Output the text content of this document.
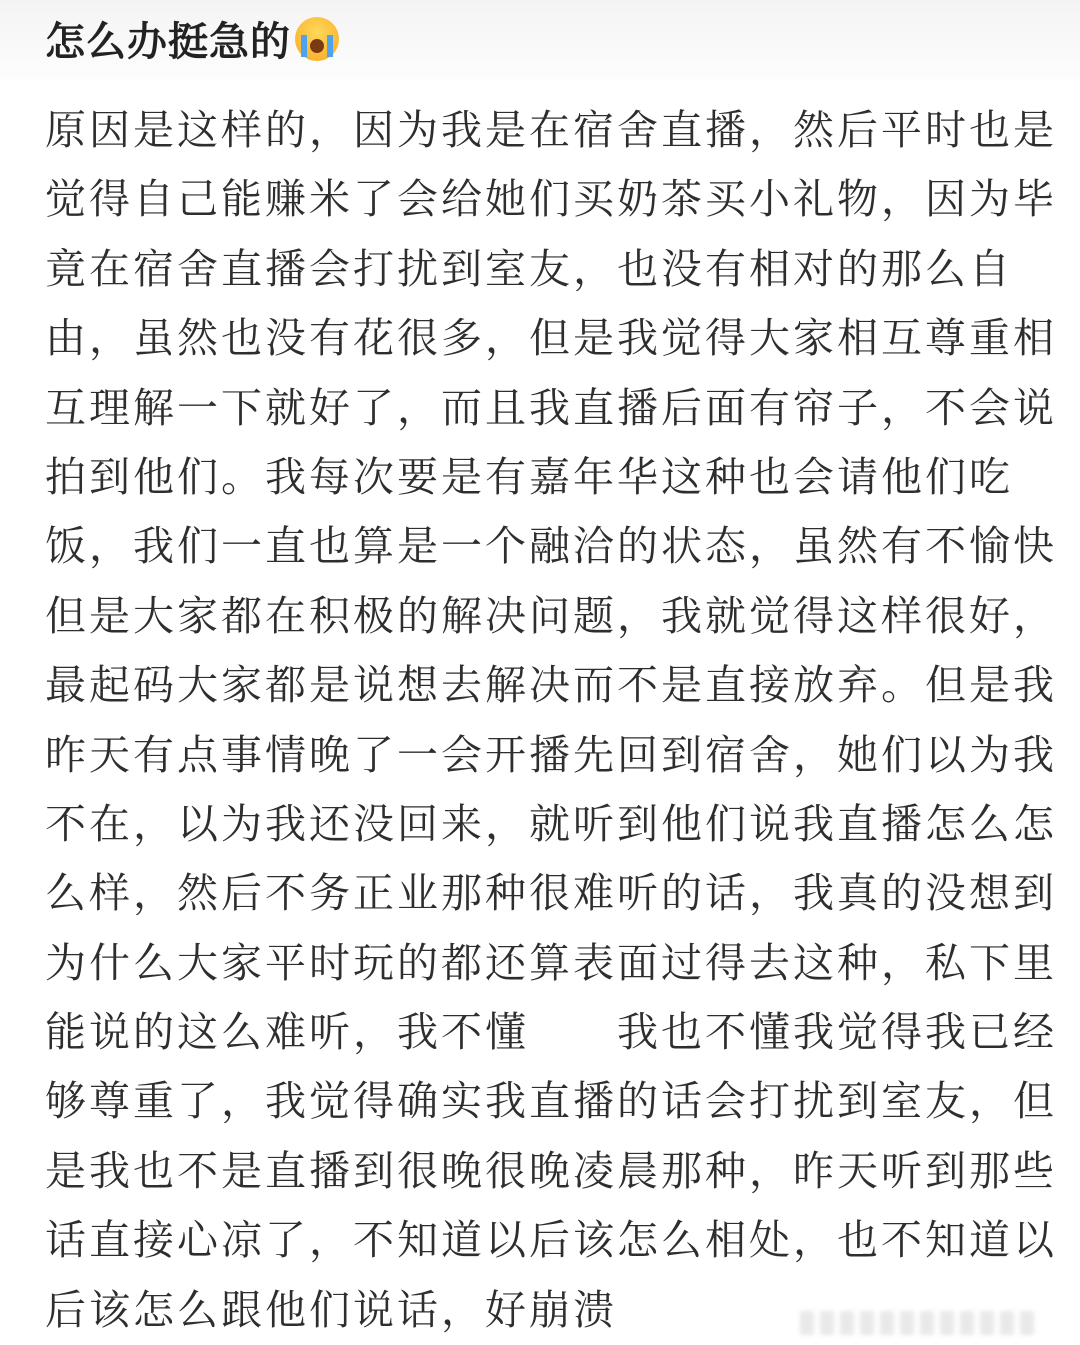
怎么办挺急的
原因是这样的，因为我是在宿舍直播，然后平时也是
觉得自己能赚米了会给她们买奶茶买小礼物，因为毕
竟在宿舍直播会打扰到室友，也没有相对的那么自
由，虽然也没有花很多，但是我觉得大家相互尊重相
互理解一下就好了，而且我直播后面有帘子，不会说
拍到他们。我每次要是有嘉年华这种也会请他们吃
饭，我们一直也算是一个融洽的状态，虽然有不愉快
但是大家都在积极的解决问题，我就觉得这样很好，
最起码大家都是说想去解决而不是直接放弃。但是我
昨天有点事情晚了一会开播先回到宿舍，她们以为我
不在，以为我还没回来，就听到他们说我直播怎么怎
么样，然后不务正业那种很难听的话，我真的没想到
为什么大家平时玩的都还算表面过得去这种，私下里
能说的这么难听，我不懂　　我也不懂我觉得我已经
够尊重了，我觉得确实我直播的话会打扰到室友，但
是我也不是直播到很晚很晚凌晨那种，昨天听到那些
话直接心凉了，不知道以后该怎么相处，也不知道以
后该怎么跟他们说话，好崩溃
